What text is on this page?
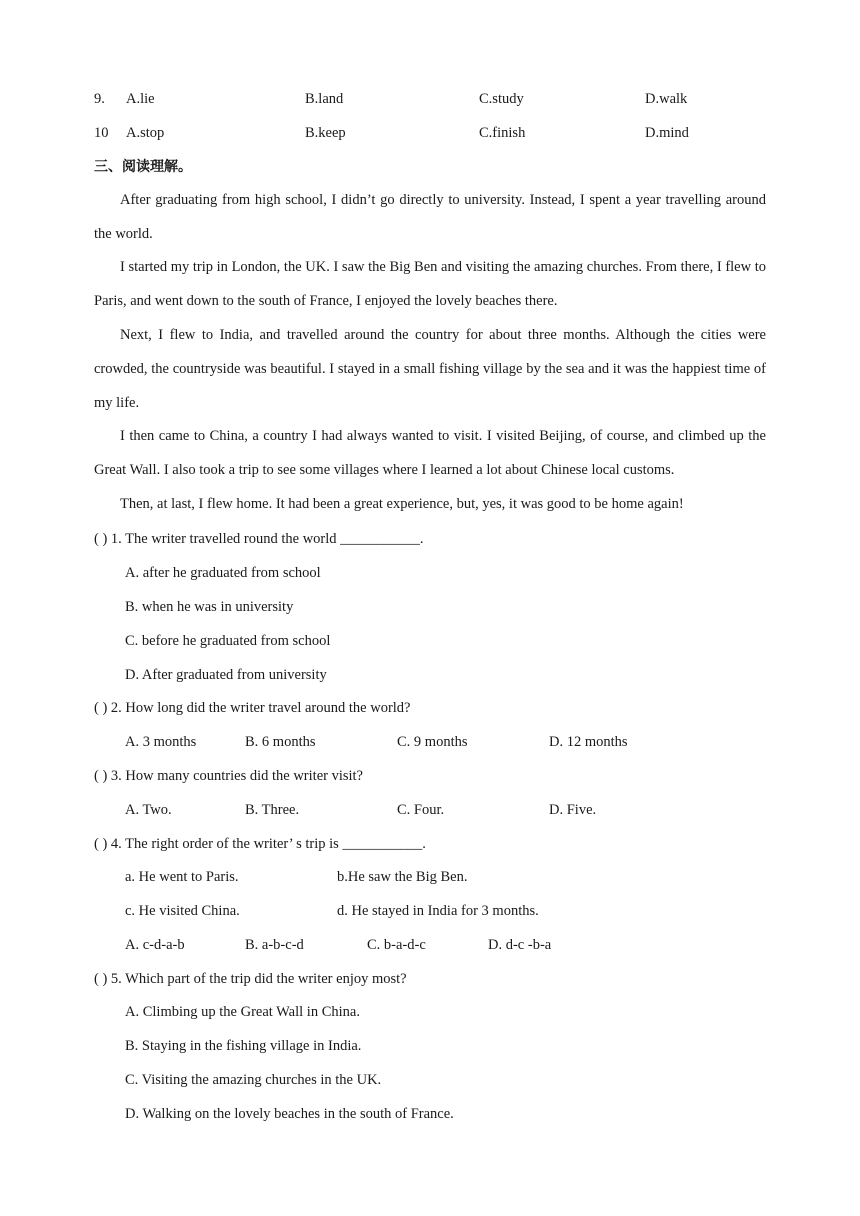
9. A.lie	B.land	C.study	D.walk
10 A.stop	B.keep	C.finish	D.mind
三、阅读理解。
After graduating from high school, I didn’t go directly to university. Instead, I spent a year travelling around the world.
I started my trip in London, the UK. I saw the Big Ben and visiting the amazing churches. From there, I flew to Paris, and went down to the south of France, I enjoyed the lovely beaches there.
Next, I flew to India, and travelled around the country for about three months. Although the cities were crowded, the countryside was beautiful. I stayed in a small fishing village by the sea and it was the happiest time of my life.
I then came to China, a country I had always wanted to visit. I visited Beijing, of course, and climbed up the Great Wall. I also took a trip to see some villages where I learned a lot about Chinese local customs.
Then, at last, I flew home. It had been a great experience, but, yes, it was good to be home again!
( ) 1. The writer travelled round the world ___________.
A. after he graduated from school
B. when he was in university
C. before he graduated from school
D. After graduated from university
( ) 2. How long did the writer travel around the world?
A. 3 months	B. 6 months	C. 9 months	D. 12 months
( ) 3. How many countries did the writer visit?
A. Two.	B. Three.	C. Four.	D. Five.
( ) 4. The right order of the writer’ s trip is ___________.
a. He went to Paris.	b.He saw the Big Ben.
c. He visited China.	d. He stayed in India for 3 months.
A. c-d-a-b	B. a-b-c-d	C. b-a-d-c	D. d-c -b-a
( ) 5. Which part of the trip did the writer enjoy most?
A. Climbing up the Great Wall in China.
B. Staying in the fishing village in India.
C. Visiting the amazing churches in the UK.
D. Walking on the lovely beaches in the south of France.
